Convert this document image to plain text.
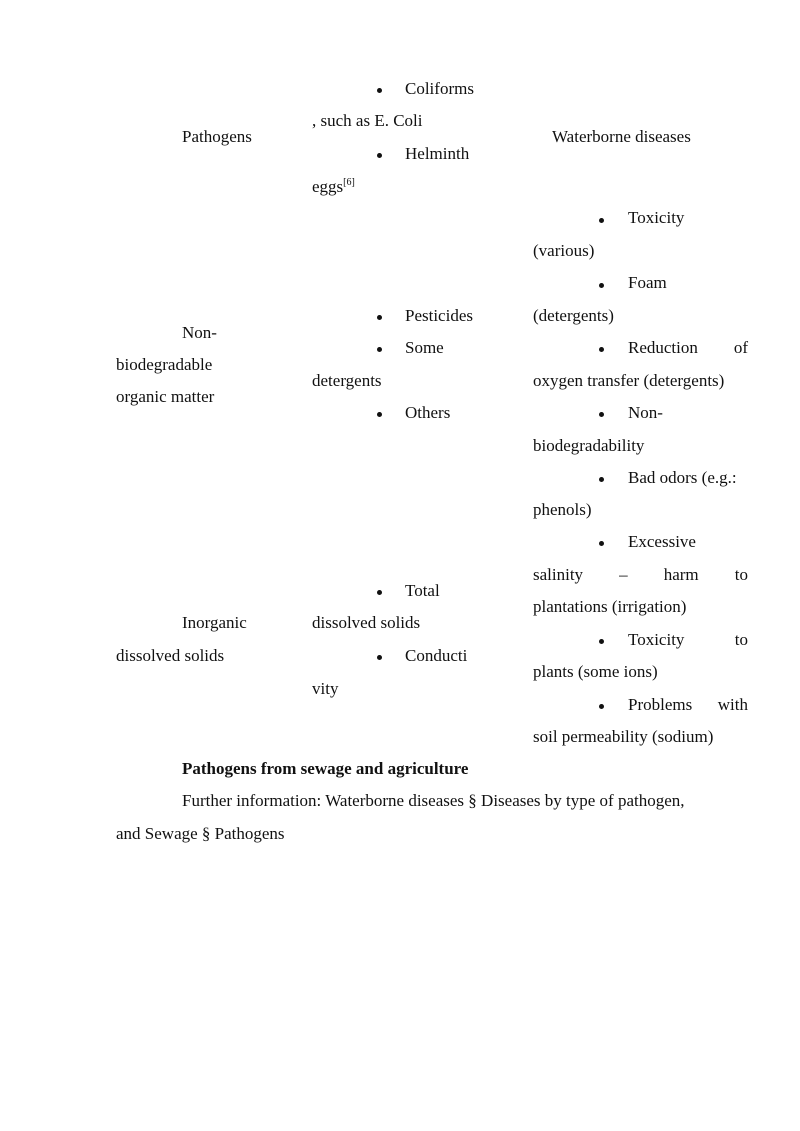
Pathogens
Coliforms
, such as E. Coli
Helminth
eggs[6]
Waterborne diseases
Non-
biodegradable
organic matter
Pesticides
Some
detergents
Others
Toxicity
(various)
Foam
(detergents)
Reduction of
oxygen transfer (detergents)
Non-
biodegradability
Bad odors (e.g.:
phenols)
Inorganic
dissolved solids
Total
dissolved solids
Conducti
vity
Excessive
salinity – harm to
plantations (irrigation)
Toxicity	to
plants (some ions)
Problems with
soil permeability (sodium)
Pathogens from sewage and agriculture
Further information: Waterborne diseases § Diseases by type of pathogen,
and Sewage § Pathogens
